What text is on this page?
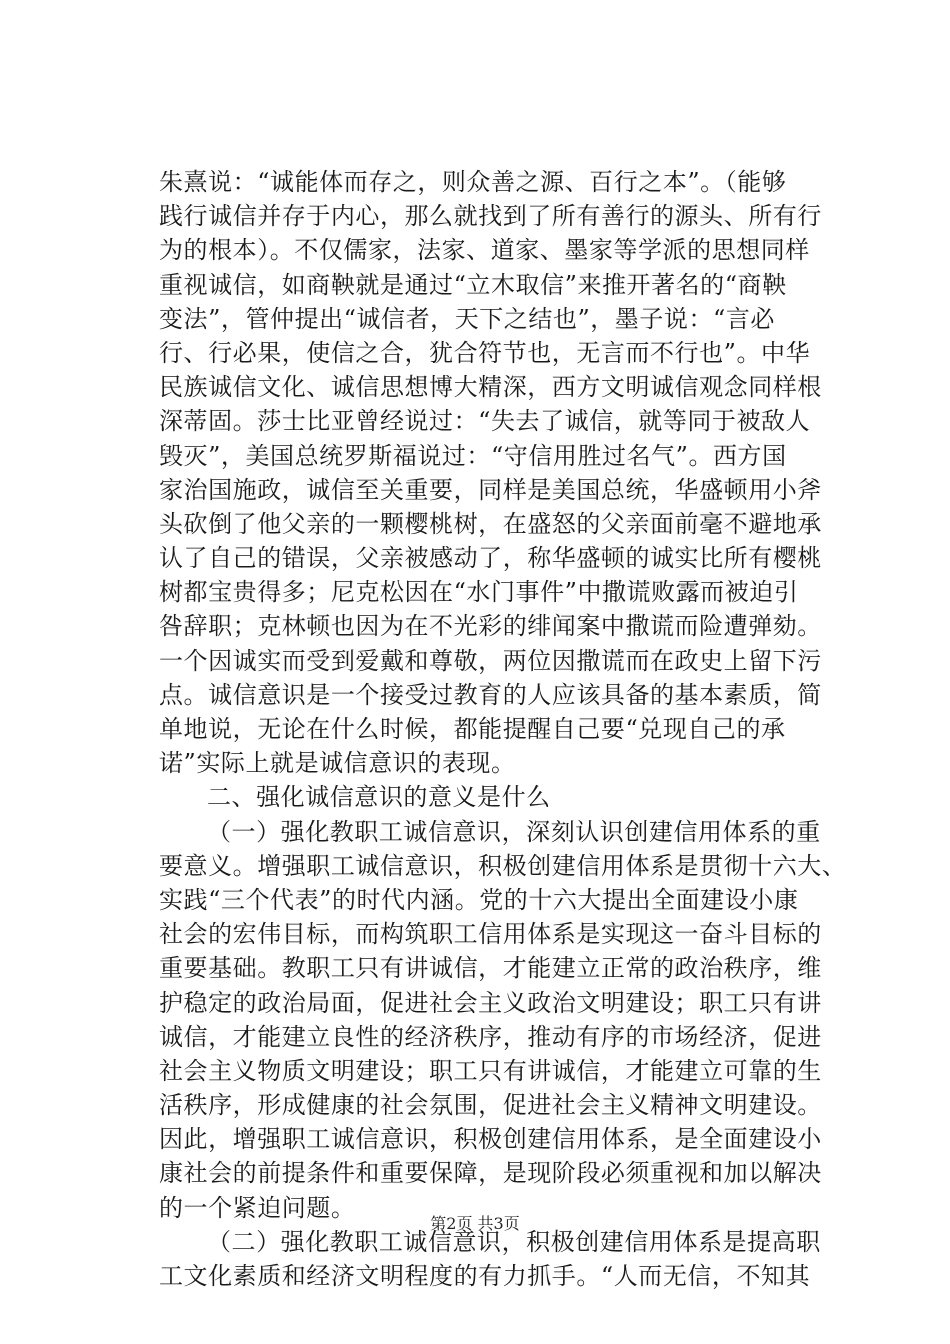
朱熹说：“诚能体而存之，则众善之源、百行之本”。（能够
践行诚信并存于内心，那么就找到了所有善行的源头、所有行
为的根本）。不仅儒家，法家、道家、墨家等学派的思想同样
重视诚信，如商鞅就是通过“立木取信”来推开著名的“商鞅
变法”，管仲提出“诚信者，天下之结也”，墨子说：“言必
行、行必果，使信之合，犹合符节也，无言而不行也”。中华
民族诚信文化、诚信思想博大精深，西方文明诚信观念同样根
深蒂固。莎士比亚曾经说过：“失去了诚信，就等同于被敌人
毁灭”，美国总统罗斯福说过：“守信用胜过名气”。西方国
家治国施政，诚信至关重要，同样是美国总统，华盛顿用小斧
头砍倒了他父亲的一颗樱桃树，在盛怒的父亲面前毫不避地承
认了自己的错误，父亲被感动了，称华盛顿的诚实比所有樱桃
树都宝贵得多；尼克松因在“水门事件”中撒谎败露而被迫引
咎辞职；克林顿也因为在不光彩的绯闻案中撒谎而险遭弹劾。
一个因诚实而受到爱戴和尊敬，两位因撒谎而在政史上留下污
点。诚信意识是一个接受过教育的人应该具备的基本素质，简
单地说，无论在什么时候，都能提醒自己要“兑现自己的承
诺”实际上就是诚信意识的表现。
二、强化诚信意识的意义是什么
（一）强化教职工诚信意识，深刻认识创建信用体系的重
要意义。增强职工诚信意识，积极创建信用体系是贯彻十六大、
实践“三个代表”的时代内涵。党的十六大提出全面建设小康
社会的宏伟目标，而构筑职工信用体系是实现这一奋斗目标的
重要基础。教职工只有讲诚信，才能建立正常的政治秩序，维
护稳定的政治局面，促进社会主义政治文明建设；职工只有讲
诚信，才能建立良性的经济秩序，推动有序的市场经济，促进
社会主义物质文明建设；职工只有讲诚信，才能建立可靠的生
活秩序，形成健康的社会氛围，促进社会主义精神文明建设。
因此，增强职工诚信意识，积极创建信用体系，是全面建设小
康社会的前提条件和重要保障，是现阶段必须重视和加以解决
的一个紧迫问题。
（二）强化教职工诚信意识，积极创建信用体系是提高职
工文化素质和经济文明程度的有力抓手。“人而无信，不知其
第2页 共3页
